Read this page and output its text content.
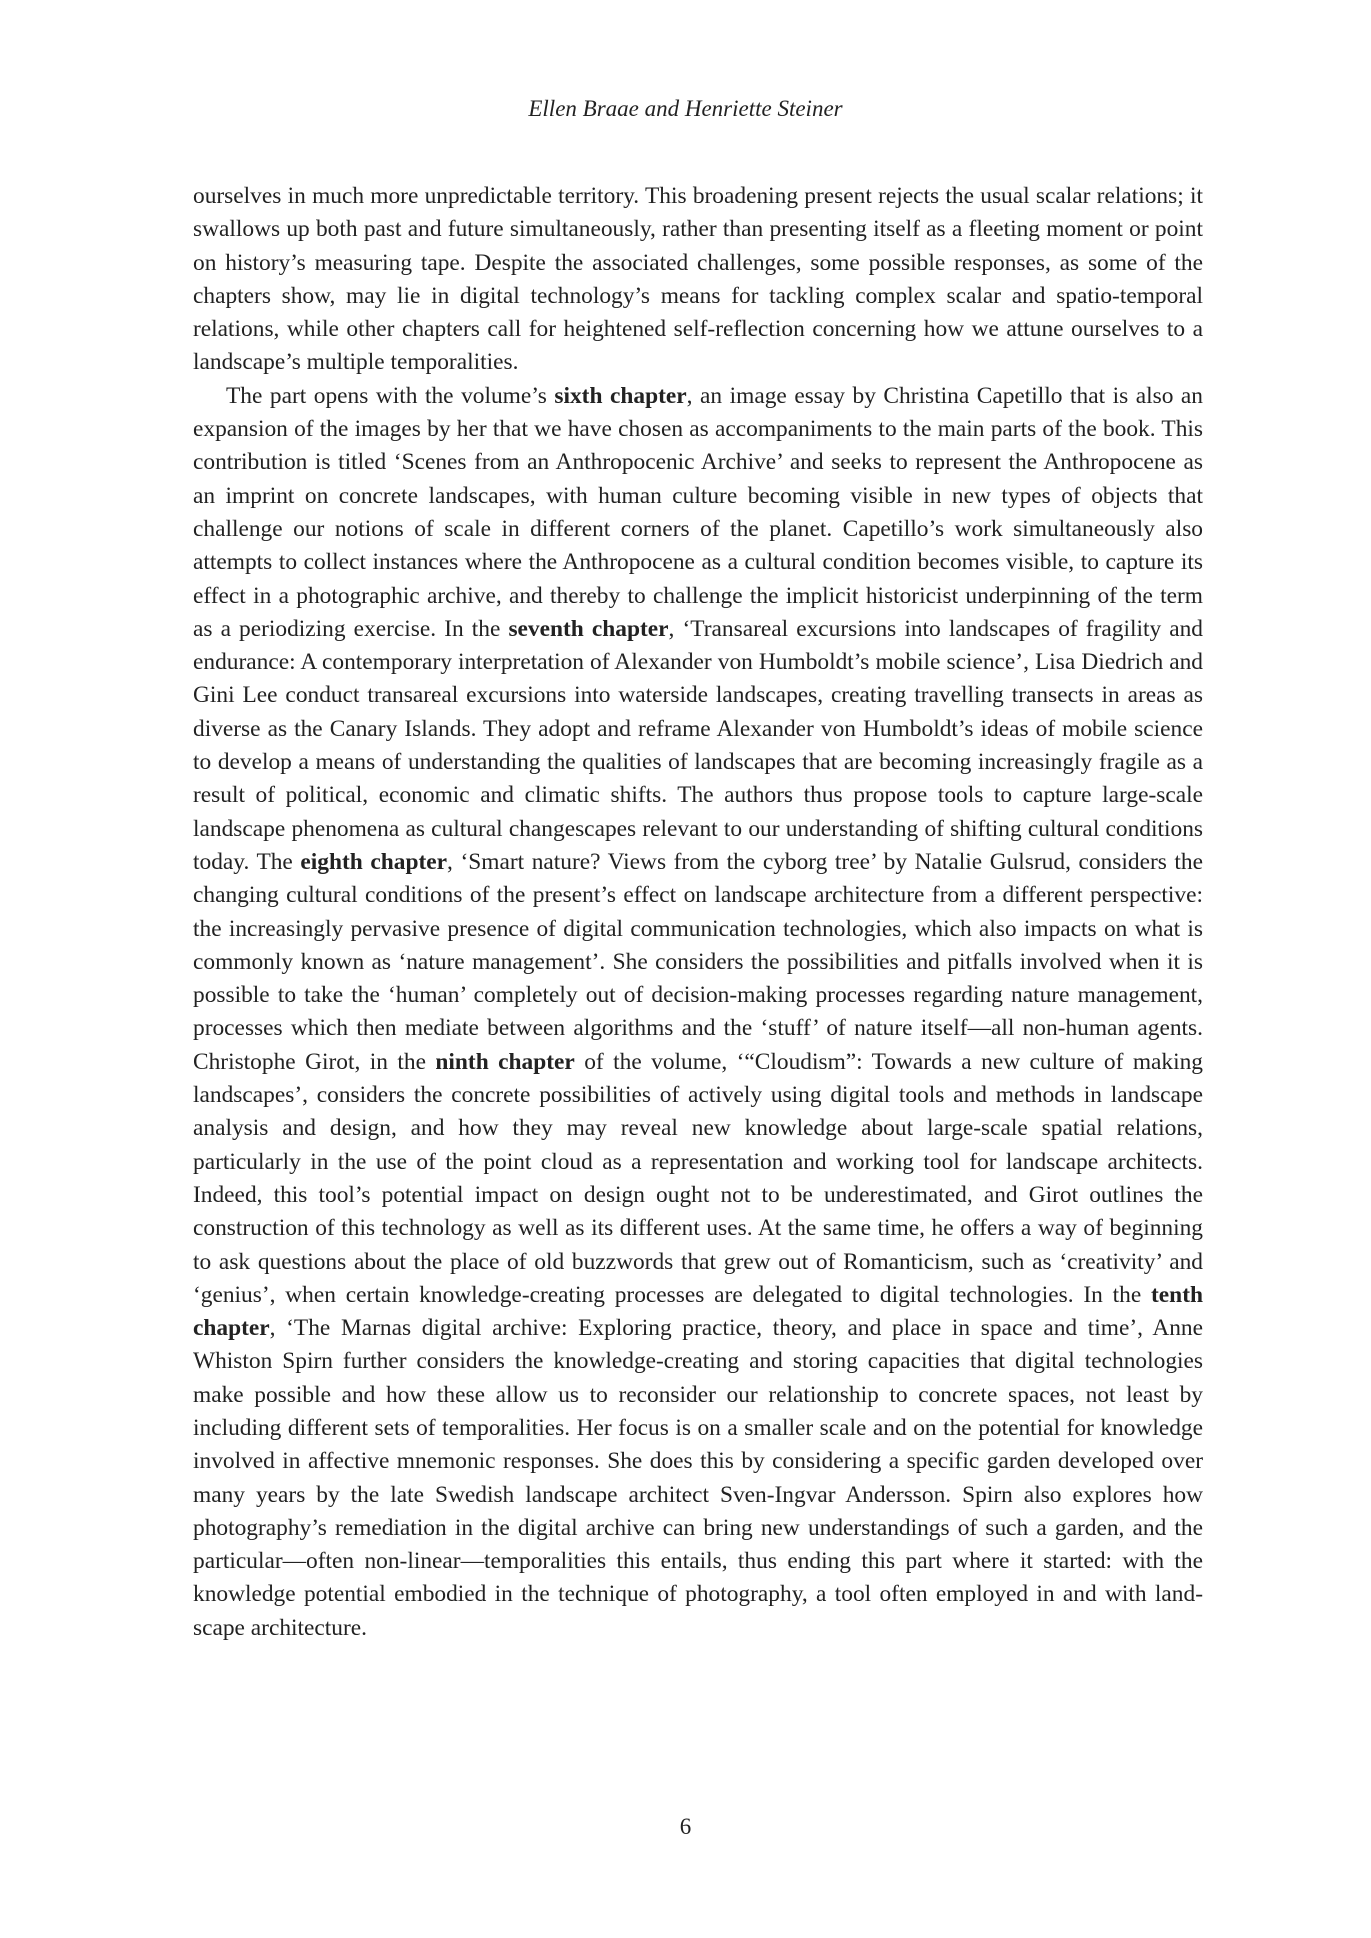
Ellen Braae and Henriette Steiner

ourselves in much more unpredictable territory. This broadening present rejects the usual scalar relations; it swallows up both past and future simultaneously, rather than presenting itself as a fleeting moment or point on history’s measuring tape. Despite the associated challenges, some possible responses, as some of the chapters show, may lie in digital technology’s means for tackling complex scalar and spatio-temporal relations, while other chapters call for heightened self-reflection concerning how we attune ourselves to a landscape’s multiple temporalities.

The part opens with the volume’s sixth chapter, an image essay by Christina Capetillo that is also an expansion of the images by her that we have chosen as accompaniments to the main parts of the book. This contribution is titled ‘Scenes from an Anthropocenic Archive’ and seeks to represent the Anthropocene as an imprint on concrete landscapes, with human culture becoming visible in new types of objects that challenge our notions of scale in different corners of the planet. Capetillo’s work simultaneously also attempts to collect instances where the Anthropocene as a cultural condition becomes visible, to capture its effect in a photographic archive, and thereby to challenge the implicit historicist underpinning of the term as a periodizing exercise. In the seventh chapter, ‘Transareal excursions into landscapes of fragility and endurance: A contemporary interpretation of Alexander von Humboldt’s mobile science’, Lisa Diedrich and Gini Lee conduct transareal excursions into waterside landscapes, creating travelling transects in areas as diverse as the Canary Islands. They adopt and reframe Alexander von Humboldt’s ideas of mobile science to develop a means of understanding the qualities of landscapes that are becoming increasingly fragile as a result of political, economic and climatic shifts. The authors thus propose tools to capture large-scale landscape phenomena as cultural changescapes relevant to our understanding of shifting cultural conditions today. The eighth chapter, ‘Smart nature? Views from the cyborg tree’ by Natalie Gulsrud, considers the changing cultural conditions of the present’s effect on landscape architecture from a different perspective: the increasingly pervasive presence of digital communication technologies, which also impacts on what is commonly known as ‘nature management’. She considers the possibilities and pitfalls involved when it is possible to take the ‘human’ completely out of decision-making processes regarding nature management, processes which then mediate between algorithms and the ‘stuff’ of nature itself—all non-human agents. Christophe Girot, in the ninth chapter of the volume, ‘“Cloudism”: Towards a new culture of making landscapes’, considers the concrete possibilities of actively using digital tools and methods in landscape analysis and design, and how they may reveal new knowledge about large-scale spatial relations, particularly in the use of the point cloud as a representation and working tool for landscape architects. Indeed, this tool’s potential impact on design ought not to be underestimated, and Girot outlines the construction of this technology as well as its different uses. At the same time, he offers a way of beginning to ask questions about the place of old buzzwords that grew out of Romanticism, such as ‘creativity’ and ‘genius’, when certain knowledge-creating processes are delegated to digital technologies. In the tenth chapter, ‘The Marnas digital archive: Exploring practice, theory, and place in space and time’, Anne Whiston Spirn further considers the knowledge-creating and storing capacities that digital technologies make possible and how these allow us to reconsider our relationship to concrete spaces, not least by including different sets of temporalities. Her focus is on a smaller scale and on the potential for knowledge involved in affective mnemonic responses. She does this by considering a specific garden developed over many years by the late Swedish landscape architect Sven-Ingvar Andersson. Spirn also explores how photography’s remediation in the digital archive can bring new understandings of such a garden, and the particular—often non-linear—temporalities this entails, thus ending this part where it started: with the knowledge potential embodied in the technique of photography, a tool often employed in and with landscape architecture.

6
